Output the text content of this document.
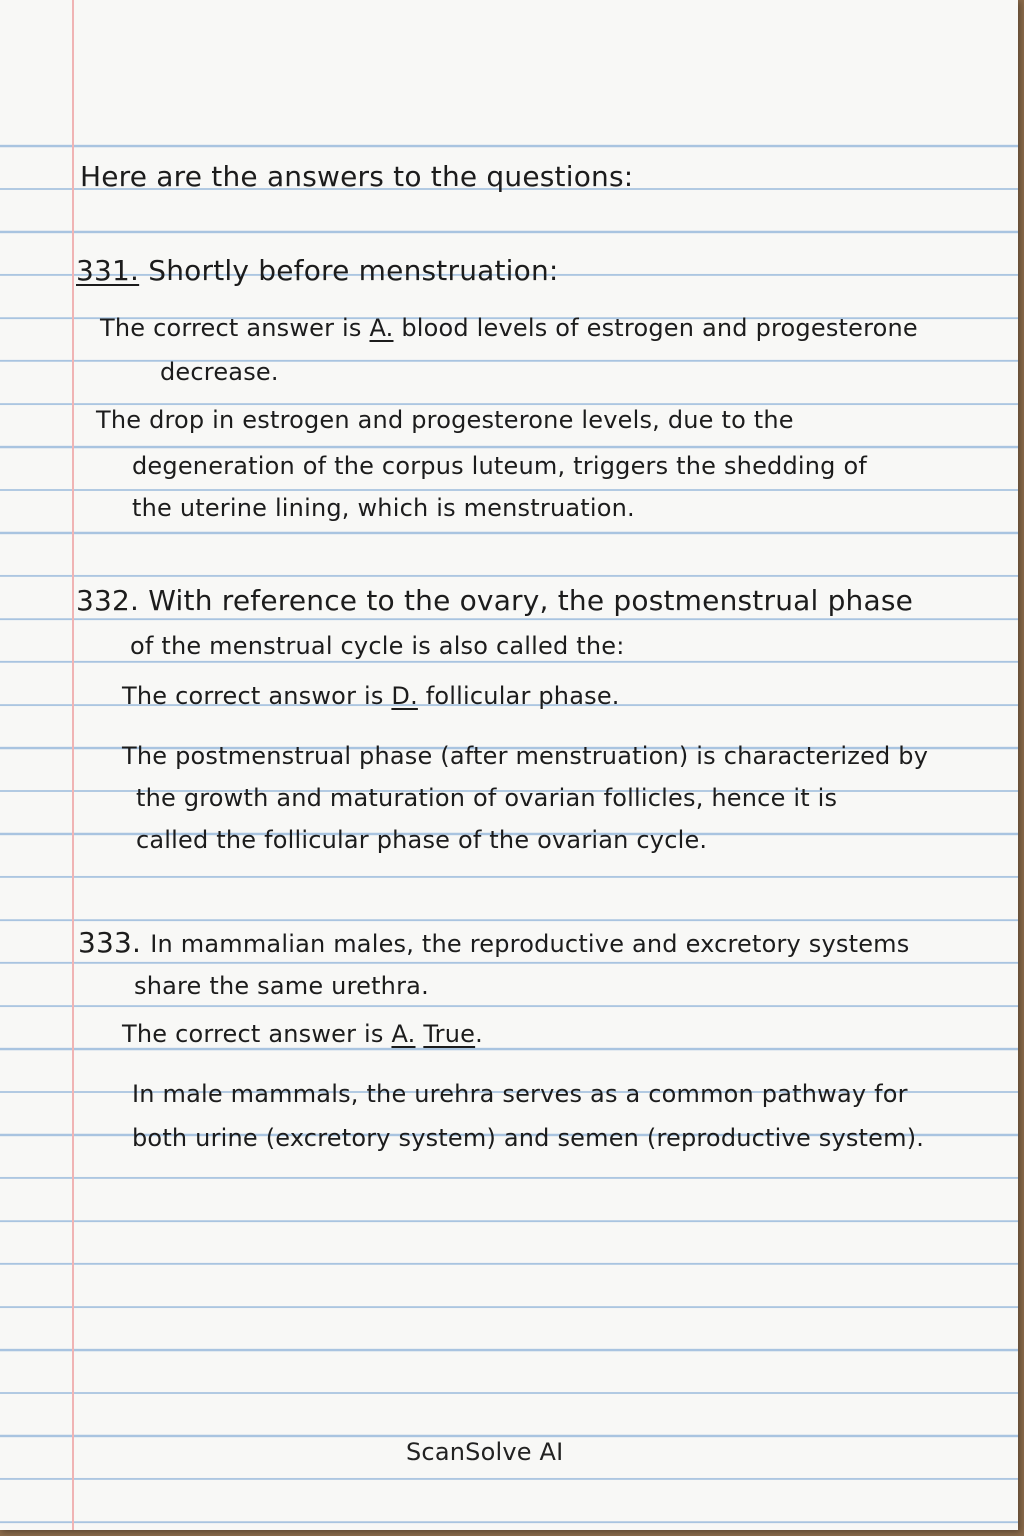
Here are the answers to the questions:
331. Shortly before menstruation:
The correct answer is A. blood levels of estrogen and progesterone
decrease.
The drop in estrogen and progesterone levels, due to the
degeneration of the corpus luteum, triggers the shedding of
the uterine lining, which is menstruation.
332. With reference to the ovary, the postmenstrual phase
of the menstrual cycle is also called the:
The correct answor is D. follicular phase.
The postmenstrual phase (after menstruation) is characterized by
the growth and maturation of ovarian follicles, hence it is
called the follicular phase of the ovarian cycle.
333. In mammalian males, the reproductive and excretory systems
share the same urethra.
The correct answer is A. True.
In male mammals, the urehra serves as a common pathway for
both urine (excretory system) and semen (reproductive system).
ScanSolve AI
